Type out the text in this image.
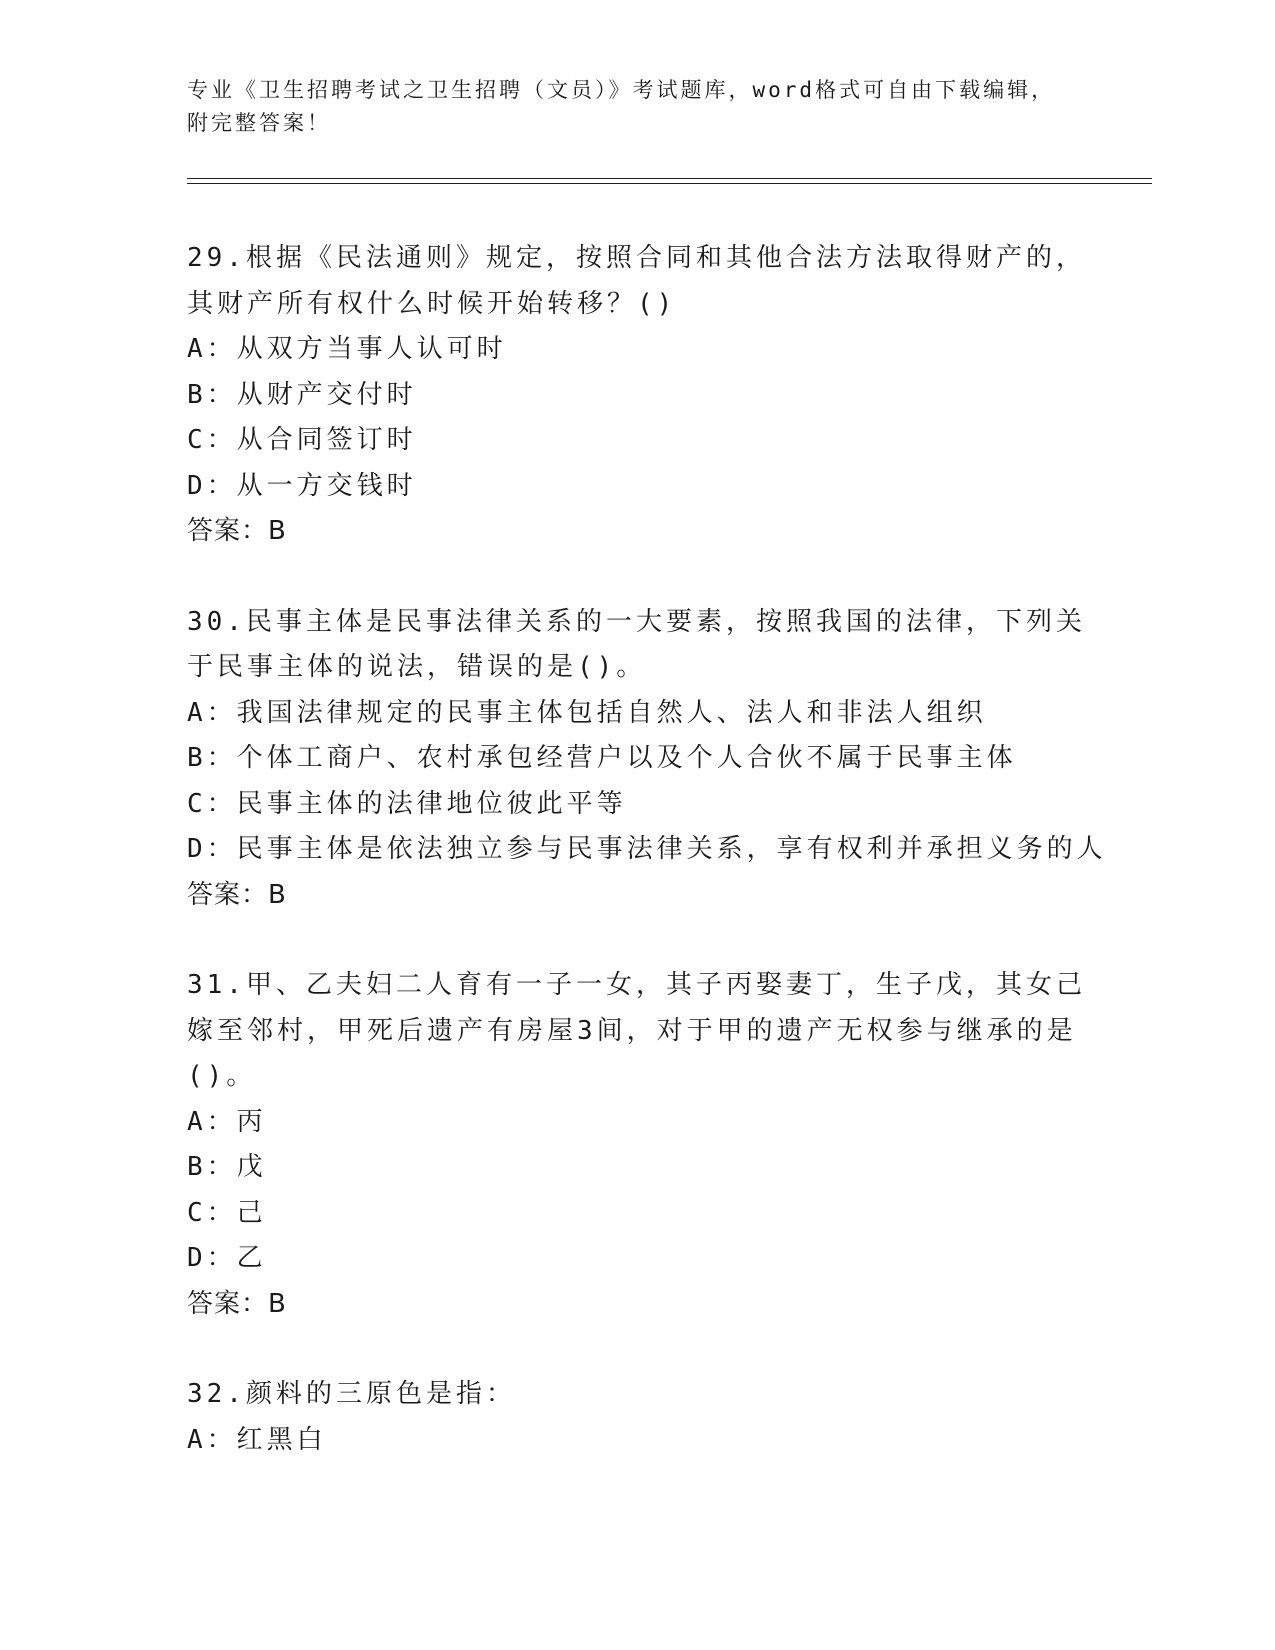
专业《卫生招聘考试之卫生招聘（文员）》考试题库，word格式可自由下载编辑，附完整答案！

29.根据《民法通则》规定，按照合同和其他合法方法取得财产的，其财产所有权什么时候开始转移？()

A：从双方当事人认可时

B：从财产交付时

C：从合同签订时

D：从一方交钱时

答案：B

30.民事主体是民事法律关系的一大要素，按照我国的法律，下列关于民事主体的说法，错误的是()。

A：我国法律规定的民事主体包括自然人、法人和非法人组织

B：个体工商户、农村承包经营户以及个人合伙不属于民事主体

C：民事主体的法律地位彼此平等

D：民事主体是依法独立参与民事法律关系，享有权利并承担义务的人

答案：B

31.甲、乙夫妇二人育有一子一女，其子丙娶妻丁，生子戊，其女己嫁至邻村，甲死后遗产有房屋3间，对于甲的遗产无权参与继承的是()。

A：丙

B：戊

C：己

D：乙

答案：B

32.颜料的三原色是指：

A：红黑白
